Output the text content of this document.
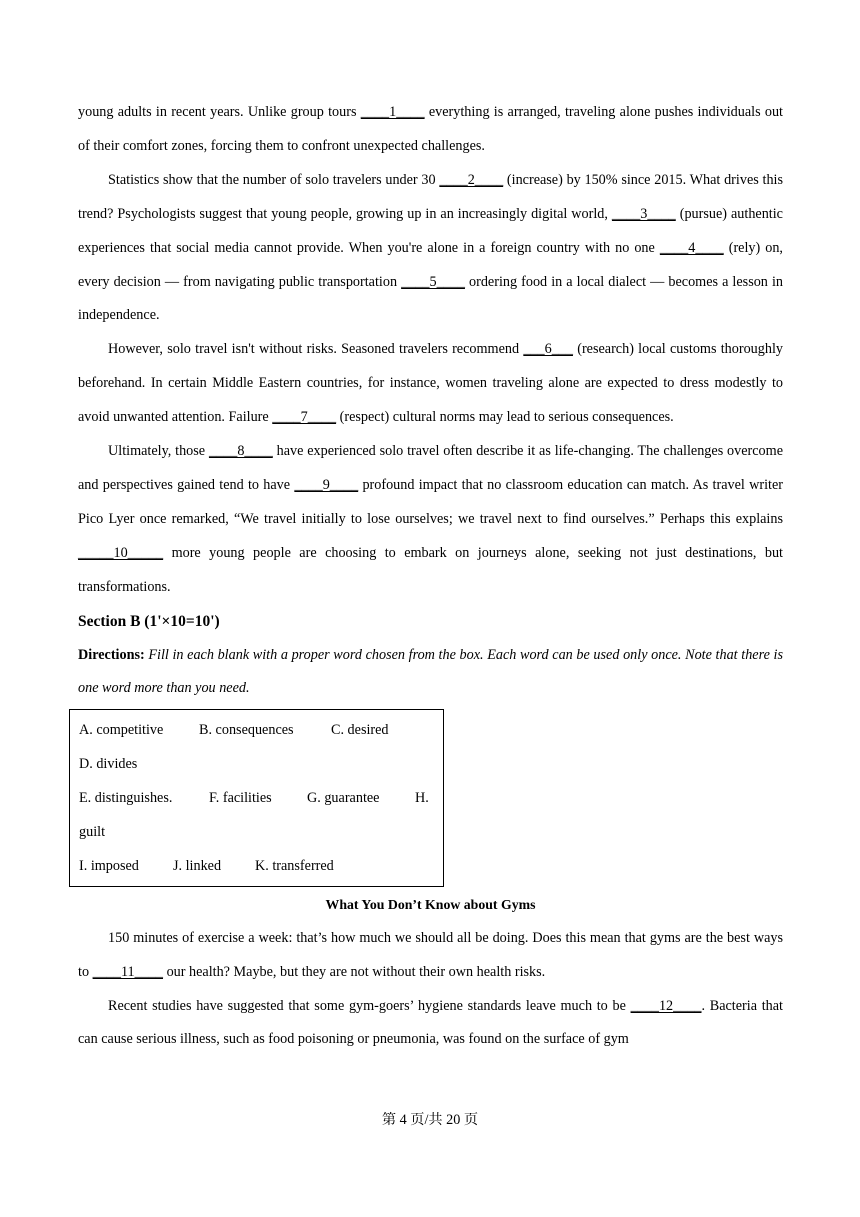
young adults in recent years. Unlike group tours ____1____ everything is arranged, traveling alone pushes individuals out of their comfort zones, forcing them to confront unexpected challenges.

Statistics show that the number of solo travelers under 30 ____2____ (increase) by 150% since 2015. What drives this trend? Psychologists suggest that young people, growing up in an increasingly digital world, ____3____ (pursue) authentic experiences that social media cannot provide. When you're alone in a foreign country with no one ____4____ (rely) on, every decision — from navigating public transportation ____5____ ordering food in a local dialect — becomes a lesson in independence.

However, solo travel isn't without risks. Seasoned travelers recommend ___6___ (research) local customs thoroughly beforehand. In certain Middle Eastern countries, for instance, women traveling alone are expected to dress modestly to avoid unwanted attention. Failure ____7____ (respect) cultural norms may lead to serious consequences.

Ultimately, those ____8____ have experienced solo travel often describe it as life-changing. The challenges overcome and perspectives gained tend to have ____9____ profound impact that no classroom education can match. As travel writer Pico Lyer once remarked, “We travel initially to lose ourselves; we travel next to find ourselves.” Perhaps this explains _____10_____ more young people are choosing to embark on journeys alone, seeking not just destinations, but transformations.

Section B (1'×10=10')

Directions: Fill in each blank with a proper word chosen from the box. Each word can be used only once. Note that there is one word more than you need.

A. competitive	B. consequences	C. desired

D. divides

E. distinguishes.	F. facilities G. guarantee	H.

guilt

I. imposed J. linked K. transferred

What You Don’t Know about Gyms

150 minutes of exercise a week: that’s how much we should all be doing. Does this mean that gyms are the best ways to ____11____ our health? Maybe, but they are not without their own health risks.

Recent studies have suggested that some gym-goers’ hygiene standards leave much to be ____12____. Bacteria that can cause serious illness, such as food poisoning or pneumonia, was found on the surface of gym

第 4 页/共 20 页
